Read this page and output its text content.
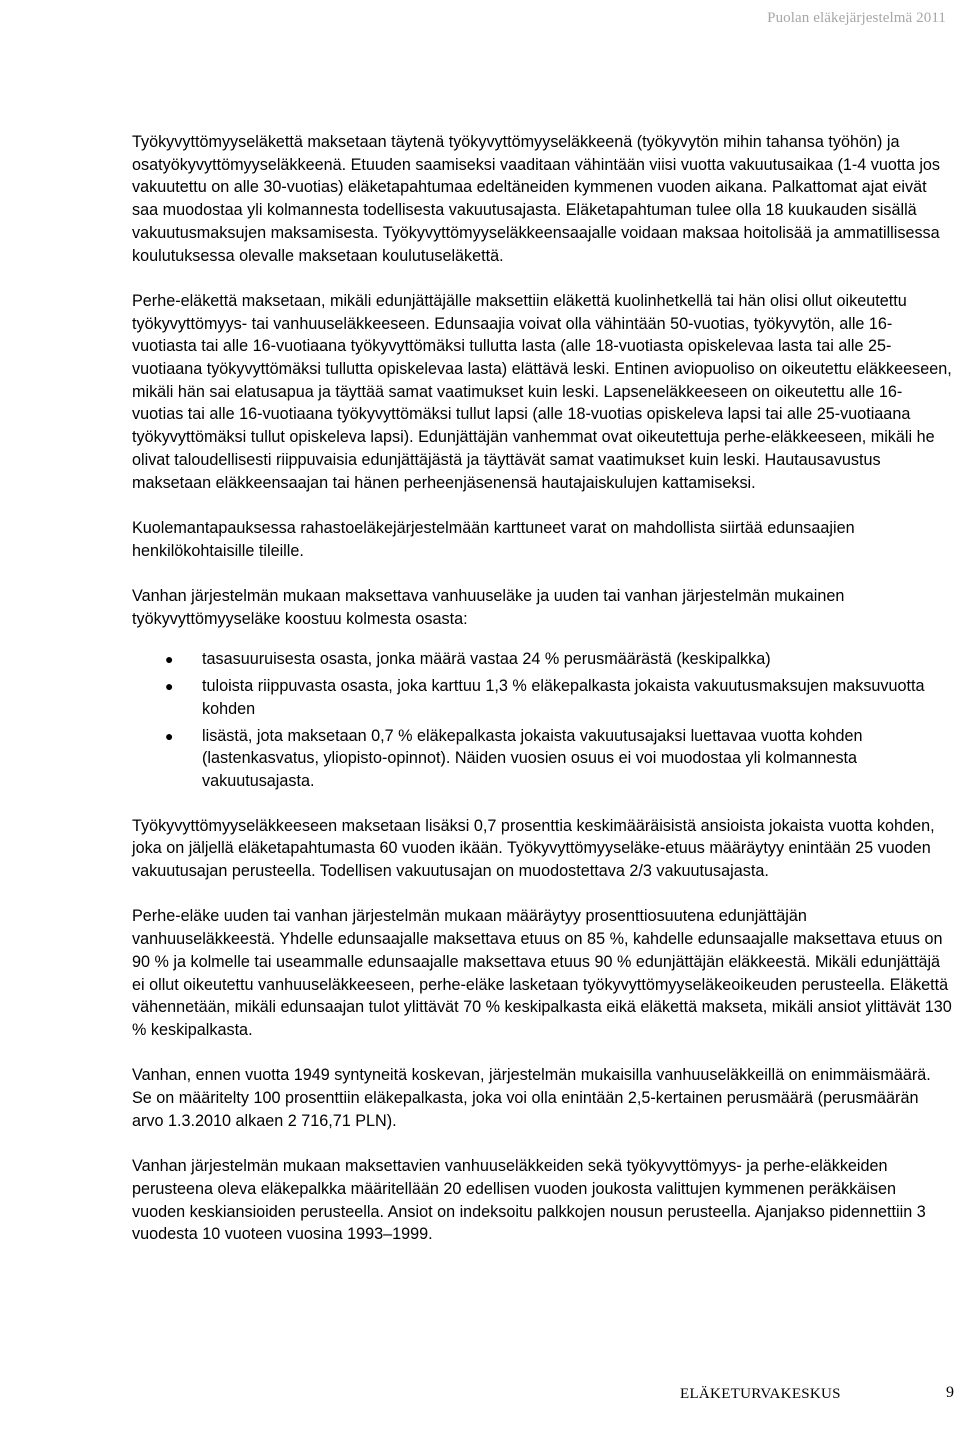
Puolan eläkejärjestelmä 2011

Työkyvyttömyyseläkettä maksetaan täytenä työkyvyttömyyseläkkeenä (työkyvytön mihin tahansa työhön) ja osatyökyvyttömyyseläkkeenä. Etuuden saamiseksi vaaditaan vähintään viisi vuotta vakuutusaikaa (1-4 vuotta jos vakuutettu on alle 30-vuotias) eläketapahtumaa edeltäneiden kymmenen vuoden aikana. Palkattomat ajat eivät saa muodostaa yli kolmannesta todellisesta vakuutusajasta. Eläketapahtuman tulee olla 18 kuukauden sisällä vakuutusmaksujen maksamisesta. Työkyvyttömyyseläkkeensaajalle voidaan maksaa hoitolisää ja ammatillisessa koulutuksessa olevalle maksetaan koulutuseläkettä.

Perhe-eläkettä maksetaan, mikäli edunjättäjälle maksettiin eläkettä kuolinhetkellä tai hän olisi ollut oikeutettu työkyvyttömyys- tai vanhuuseläkkeeseen. Edunsaajia voivat olla vähintään 50-vuotias, työkyvytön, alle 16-vuotiasta tai alle 16-vuotiaana työkyvyttömäksi tullutta lasta (alle 18-vuotiasta opiskelevaa lasta tai alle 25-vuotiaana työkyvyttömäksi tullutta opiskelevaa lasta) elättävä leski. Entinen aviopuoliso on oikeutettu eläkkeeseen, mikäli hän sai elatusapua ja täyttää samat vaatimukset kuin leski. Lapseneläkkeeseen on oikeutettu alle 16-vuotias tai alle 16-vuotiaana työkyvyttömäksi tullut lapsi (alle 18-vuotias opiskeleva lapsi tai alle 25-vuotiaana työkyvyttömäksi tullut opiskeleva lapsi). Edunjättäjän vanhemmat ovat oikeutettuja perhe-eläkkeeseen, mikäli he olivat taloudellisesti riippuvaisia edunjättäjästä ja täyttävät samat vaatimukset kuin leski. Hautausavustus maksetaan eläkkeensaajan tai hänen perheenjäsenensä hautajaiskulujen kattamiseksi.

Kuolemantapauksessa rahastoeläkejärjestelmään karttuneet varat on mahdollista siirtää edunsaajien henkilökohtaisille tileille.

Vanhan järjestelmän mukaan maksettava vanhuuseläke ja uuden tai vanhan järjestelmän mukainen työkyvyttömyyseläke koostuu kolmesta osasta:

● tasasuuruisesta osasta, jonka määrä vastaa 24 % perusmäärästä (keskipalkka)
● tuloista riippuvasta osasta, joka karttuu 1,3 % eläkepalkasta jokaista vakuutusmaksujen maksuvuotta kohden
● lisästä, jota maksetaan 0,7 % eläkepalkasta jokaista vakuutusajaksi luettavaa vuotta kohden (lastenkasvatus, yliopisto-opinnot). Näiden vuosien osuus ei voi muodostaa yli kolmannesta vakuutusajasta.

Työkyvyttömyyseläkkeeseen maksetaan lisäksi 0,7 prosenttia keskimääräisistä ansioista jokaista vuotta kohden, joka on jäljellä eläketapahtumasta 60 vuoden ikään. Työkyvyttömyyseläke-etuus määräytyy enintään 25 vuoden vakuutusajan perusteella. Todellisen vakuutusajan on muodostettava 2/3 vakuutusajasta.

Perhe-eläke uuden tai vanhan järjestelmän mukaan määräytyy prosenttiosuutena edunjättäjän vanhuuseläkkeestä. Yhdelle edunsaajalle maksettava etuus on 85 %, kahdelle edunsaajalle maksettava etuus on 90 % ja kolmelle tai useammalle edunsaajalle maksettava etuus 90 % edunjättäjän eläkkeestä. Mikäli edunjättäjä ei ollut oikeutettu vanhuuseläkkeeseen, perhe-eläke lasketaan työkyvyttömyyseläkeoikeuden perusteella. Eläkettä vähennetään, mikäli edunsaajan tulot ylittävät 70 % keskipalkasta eikä eläkettä makseta, mikäli ansiot ylittävät 130 % keskipalkasta.

Vanhan, ennen vuotta 1949 syntyneitä koskevan, järjestelmän mukaisilla vanhuuseläkkeillä on enimmäismäärä. Se on määritelty 100 prosenttiin eläkepalkasta, joka voi olla enintään 2,5-kertainen perusmäärä (perusmäärän arvo 1.3.2010 alkaen 2 716,71 PLN).

Vanhan järjestelmän mukaan maksettavien vanhuuseläkkeiden sekä työkyvyttömyys- ja perhe-eläkkeiden perusteena oleva eläkepalkka määritellään 20 edellisen vuoden joukosta valittujen kymmenen peräkkäisen vuoden keskiansioiden perusteella. Ansiot on indeksoitu palkkojen nousun perusteella. Ajanjakso pidennettiin 3 vuodesta 10 vuoteen vuosina 1993–1999.

ELÄKETURVAKESKUS	9
